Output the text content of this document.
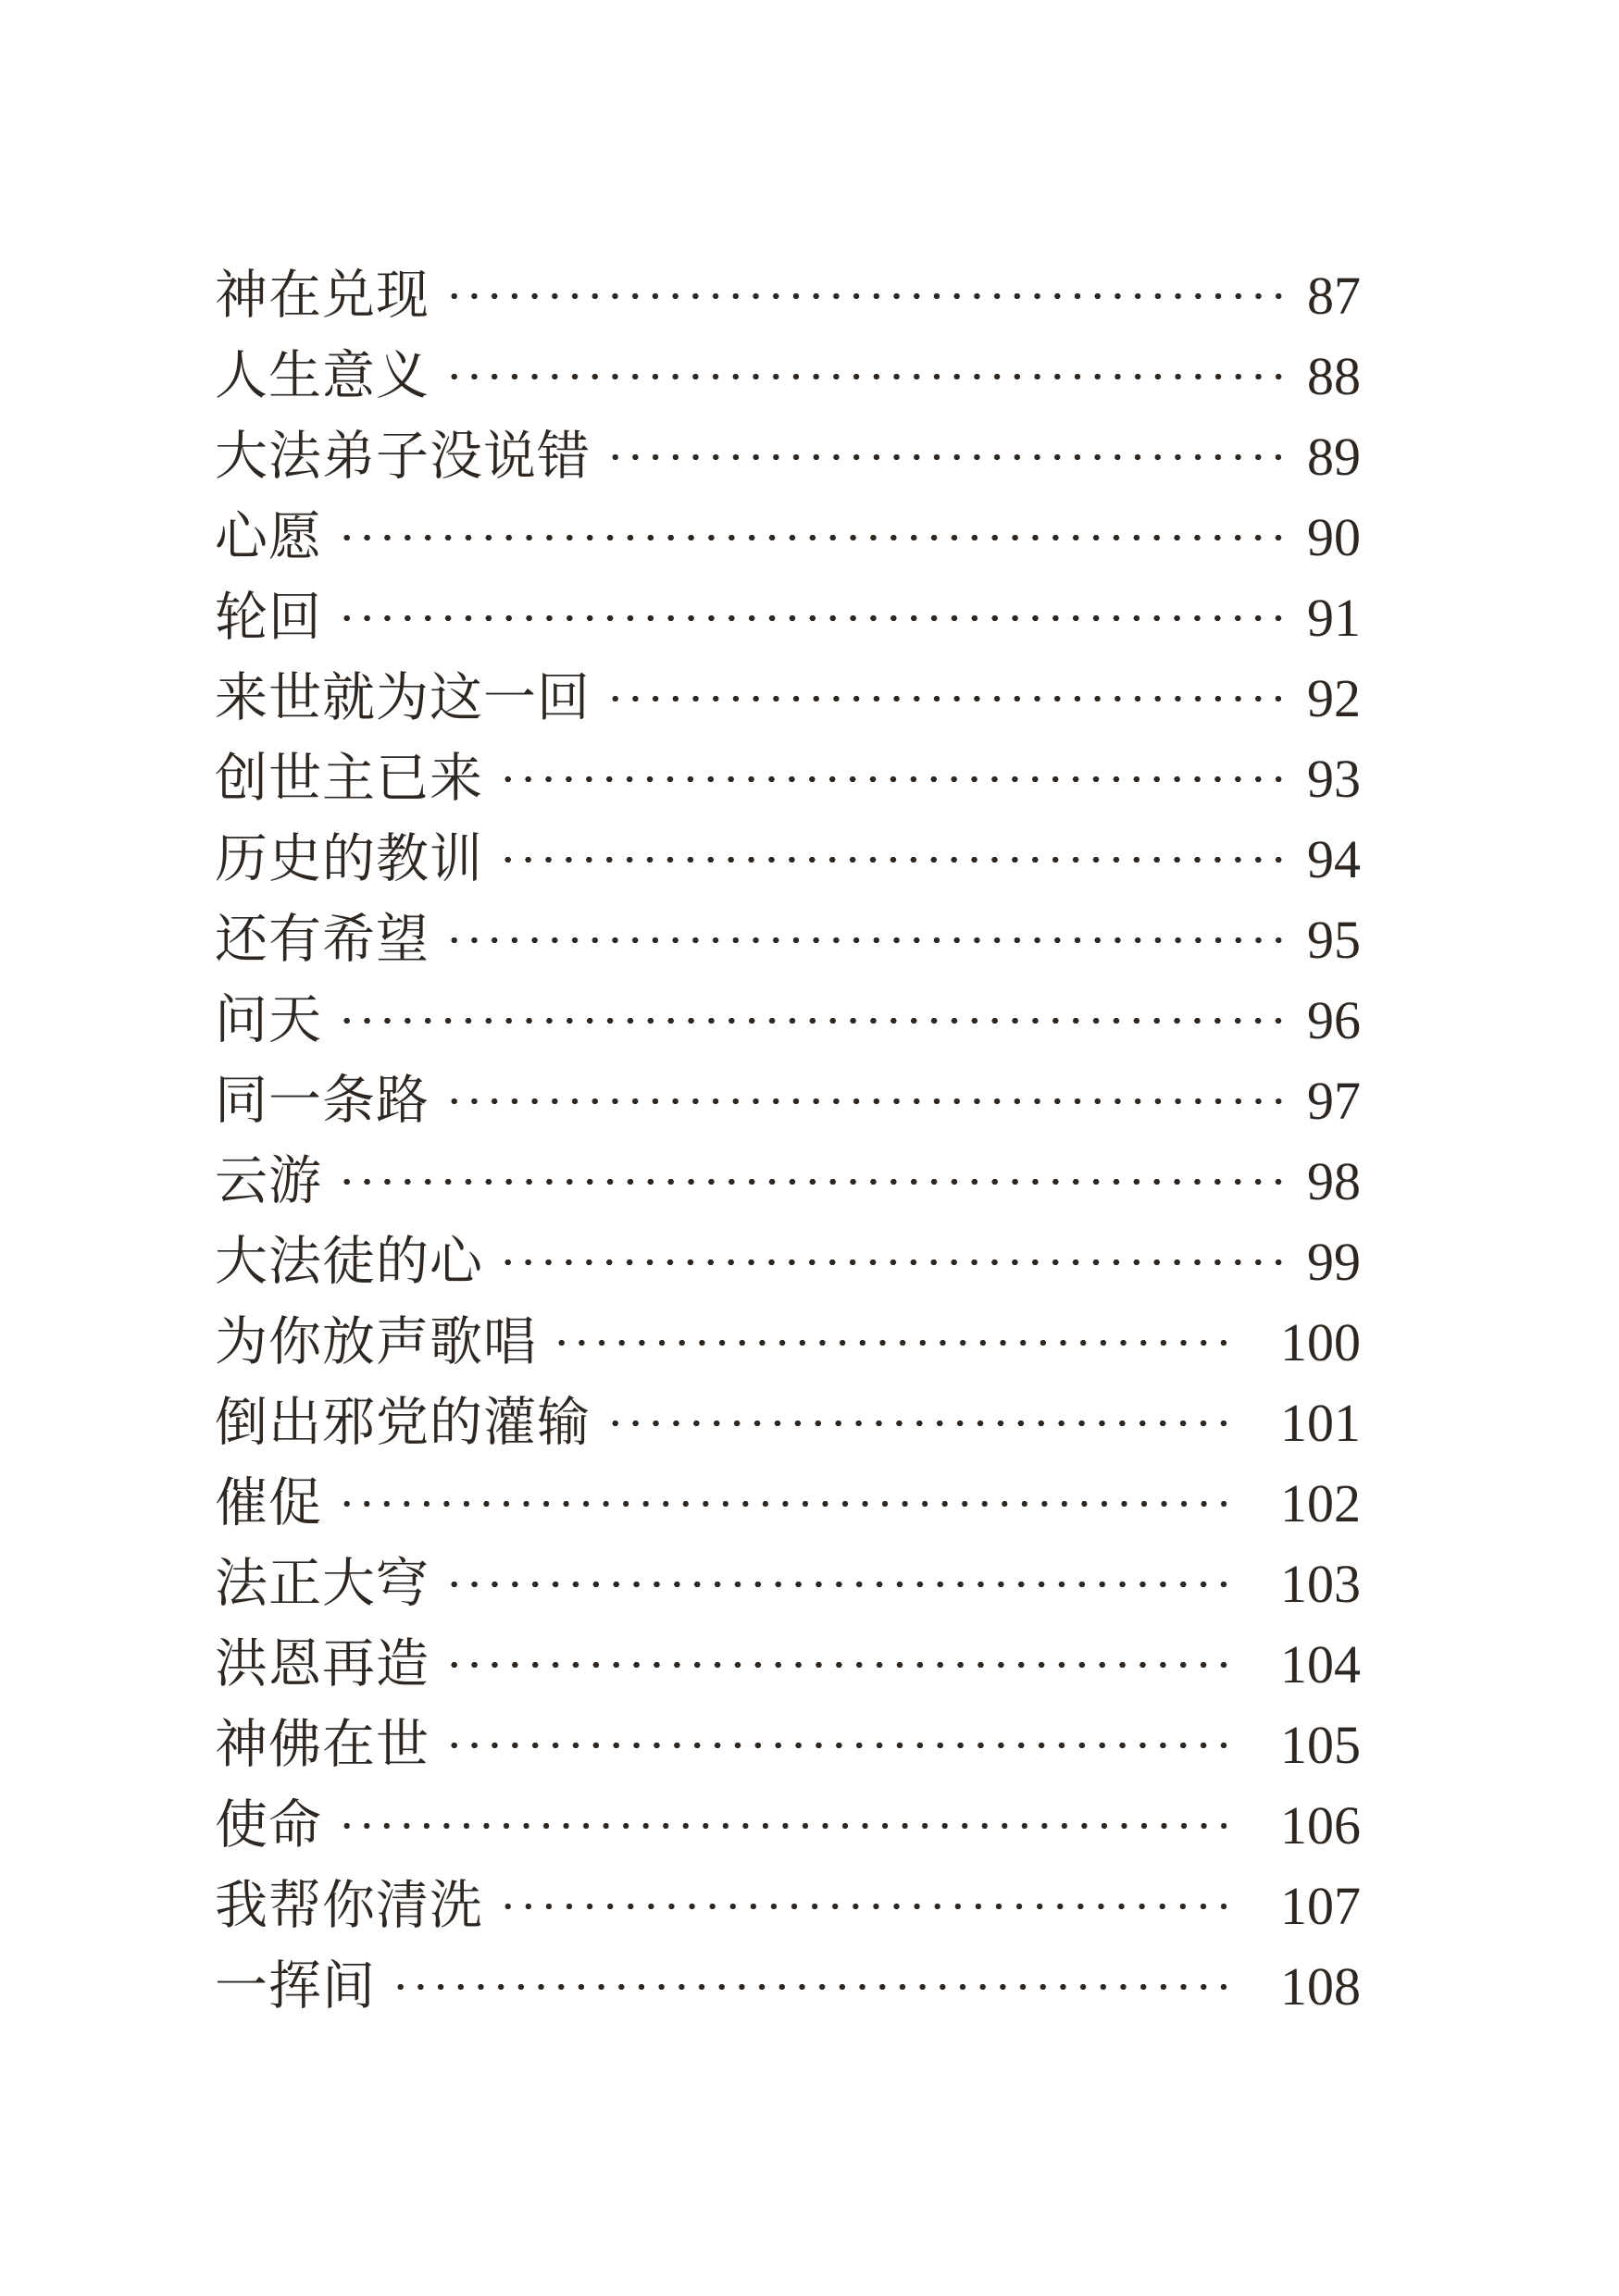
神在兑现	87
人生意义	88
大法弟子没说错	89
心愿	90
轮回	91
来世就为这一回	92
创世主已来	93
历史的教训	94
还有希望	95
问天	96
同一条路	97
云游	98
大法徒的心	99
为你放声歌唱	100
倒出邪党的灌输	101
催促	102
法正大穹	103
洪恩再造	104
神佛在世	105
使命	106
我帮你清洗	107
一挥间	108
